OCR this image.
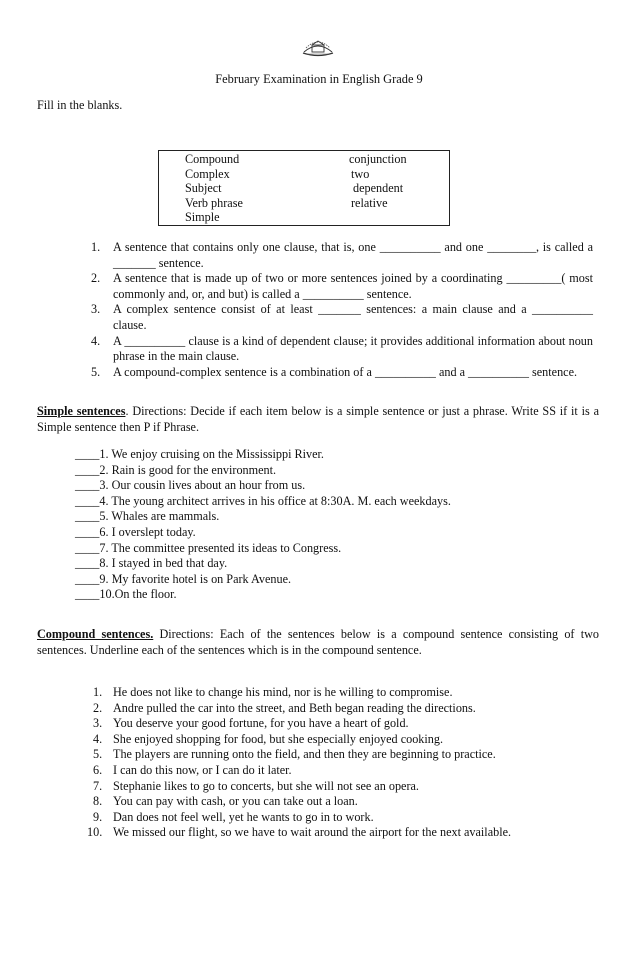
February Examination in English Grade 9
Fill in the blanks.
Compound
Complex
Subject
Verb phrase
Simple
conjunction
two
dependent
relative
1. A sentence that contains only one clause, that is, one __________ and one ________, is called a _______ sentence.
2. A sentence that is made up of two or more sentences joined by a coordinating _________( most commonly and, or, and but) is called a __________ sentence.
3. A complex sentence consist of at least _______ sentences: a main clause and a __________ clause.
4. A __________ clause is a kind of dependent clause; it provides additional information about noun phrase in the main clause.
5. A compound-complex sentence is a combination of a __________ and a __________ sentence.
Simple sentences. Directions: Decide if each item below is a simple sentence or just a phrase. Write SS if it is a Simple sentence then P if Phrase.
____1. We enjoy cruising on the Mississippi River.
____2. Rain is good for the environment.
____3. Our cousin lives about an hour from us.
____4. The young architect arrives in his office at 8:30A. M. each weekdays.
____5. Whales are mammals.
____6. I overslept today.
____7. The committee presented its ideas to Congress.
____8. I stayed in bed that day.
____9. My favorite hotel is on Park Avenue.
____10.On the floor.
Compound sentences. Directions: Each of the sentences below is a compound sentence consisting of two sentences. Underline each of the sentences which is in the compound sentence.
1. He does not like to change his mind, nor is he willing to compromise.
2. Andre pulled the car into the street, and Beth began reading the directions.
3. You deserve your good fortune, for you have a heart of gold.
4. She enjoyed shopping for food, but she especially enjoyed cooking.
5. The players are running onto the field, and then they are beginning to practice.
6. I can do this now, or I can do it later.
7. Stephanie likes to go to concerts, but she will not see an opera.
8. You can pay with cash, or you can take out a loan.
9. Dan does not feel well, yet he wants to go in to work.
10. We missed our flight, so we have to wait around the airport for the next available.
